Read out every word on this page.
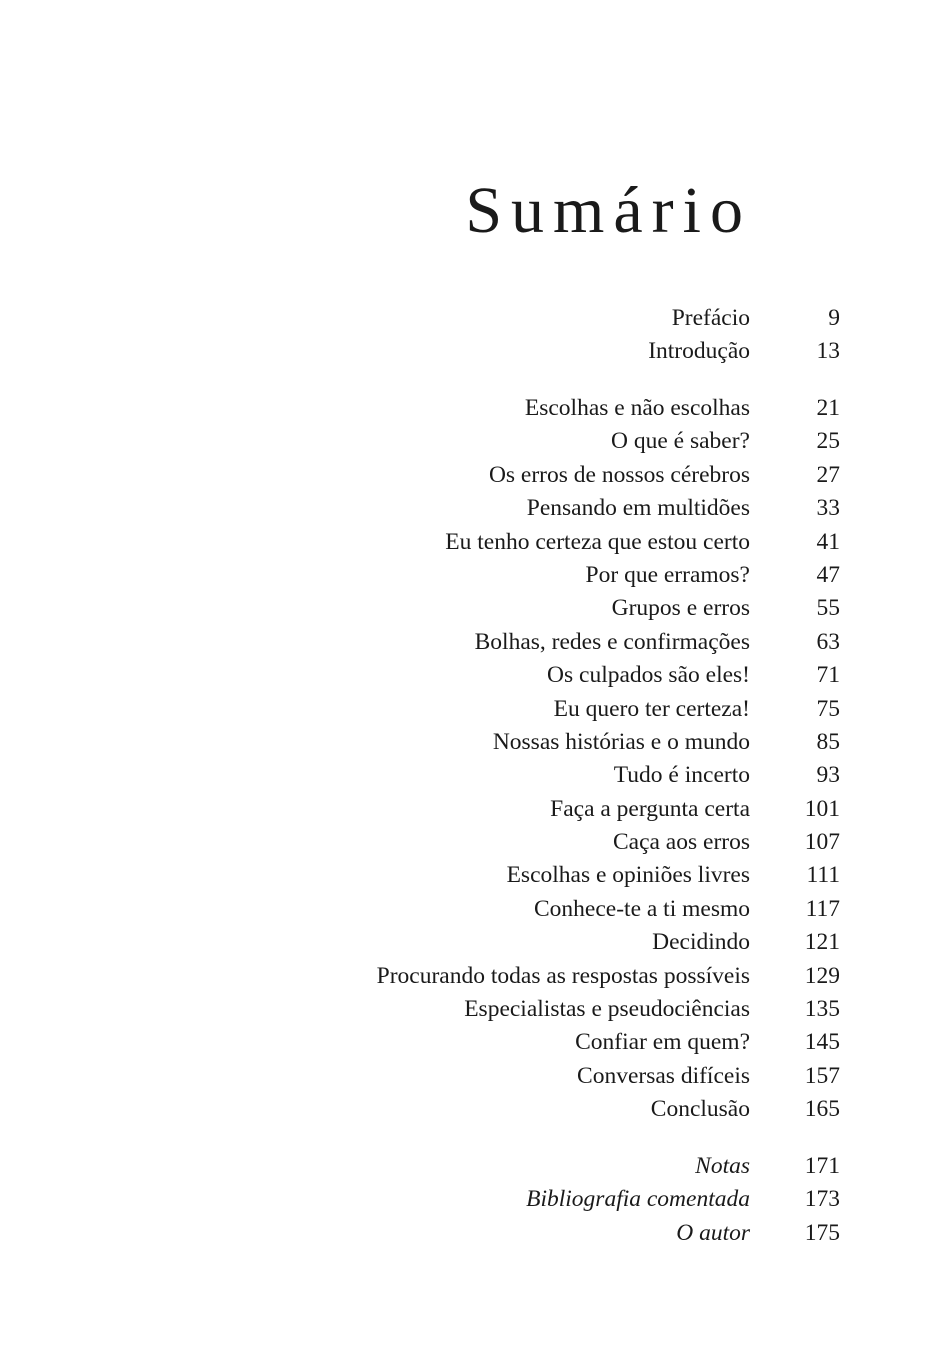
Sumário
Prefácio	9
Introdução	13
Escolhas e não escolhas	21
O que é saber?	25
Os erros de nossos cérebros	27
Pensando em multidões	33
Eu tenho certeza que estou certo	41
Por que erramos?	47
Grupos e erros	55
Bolhas, redes e confirmações	63
Os culpados são eles!	71
Eu quero ter certeza!	75
Nossas histórias e o mundo	85
Tudo é incerto	93
Faça a pergunta certa	101
Caça aos erros	107
Escolhas e opiniões livres	111
Conhece-te a ti mesmo	117
Decidindo	121
Procurando todas as respostas possíveis	129
Especialistas e pseudociências	135
Confiar em quem?	145
Conversas difíceis	157
Conclusão	165
Notas	171
Bibliografia comentada	173
O autor	175
